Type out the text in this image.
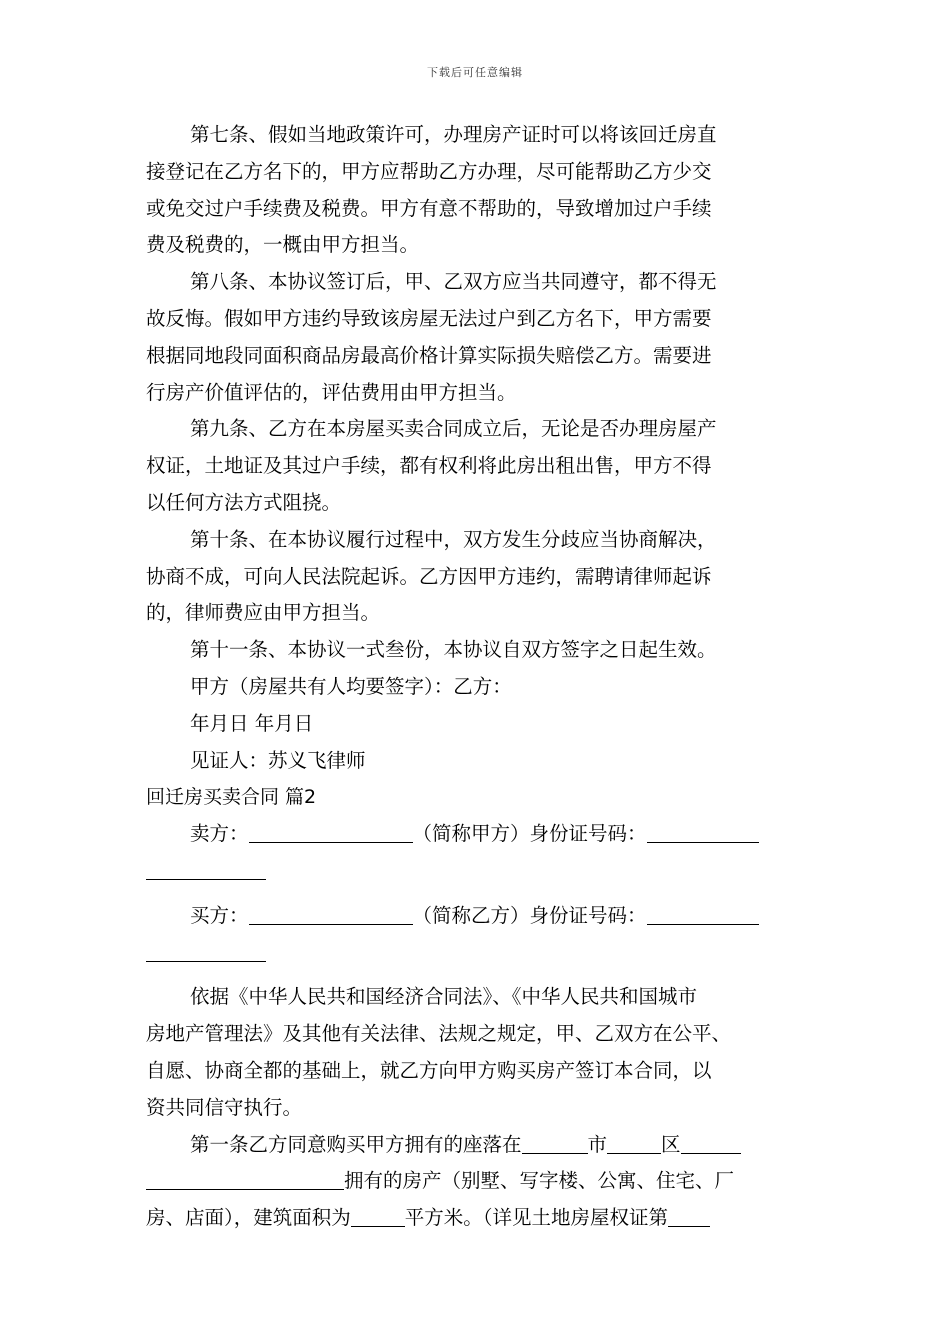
下载后可任意编辑
第七条、假如当地政策许可，办理房产证时可以将该回迁房直
接登记在乙方名下的，甲方应帮助乙方办理，尽可能帮助乙方少交
或免交过户手续费及税费。甲方有意不帮助的，导致增加过户手续
费及税费的，一概由甲方担当。
第八条、本协议签订后，甲、乙双方应当共同遵守，都不得无
故反悔。假如甲方违约导致该房屋无法过户到乙方名下，甲方需要
根据同地段同面积商品房最高价格计算实际损失赔偿乙方。需要进
行房产价值评估的，评估费用由甲方担当。
第九条、乙方在本房屋买卖合同成立后，无论是否办理房屋产
权证，土地证及其过户手续，都有权利将此房出租出售，甲方不得
以任何方法方式阻挠。
第十条、在本协议履行过程中，双方发生分歧应当协商解决，
协商不成，可向人民法院起诉。乙方因甲方违约，需聘请律师起诉
的，律师费应由甲方担当。
第十一条、本协议一式叁份，本协议自双方签字之日起生效。
甲方（房屋共有人均要签字）：乙方：
年月日 年月日
见证人：苏义飞律师
回迁房买卖合同 篇2
卖方：	（简称甲方）身份证号码：
买方：	（简称乙方）身份证号码：
依据《中华人民共和国经济合同法》、《中华人民共和国城市
房地产管理法》及其他有关法律、法规之规定，甲、乙双方在公平、
自愿、协商全都的基础上，就乙方向甲方购买房产签订本合同，以
资共同信守执行。
第一条乙方同意购买甲方拥有的座落在	市	区
拥有的房产（别墅、写字楼、公寓、住宅、厂
房、店面），建筑面积为	平方米。（详见土地房屋权证第
